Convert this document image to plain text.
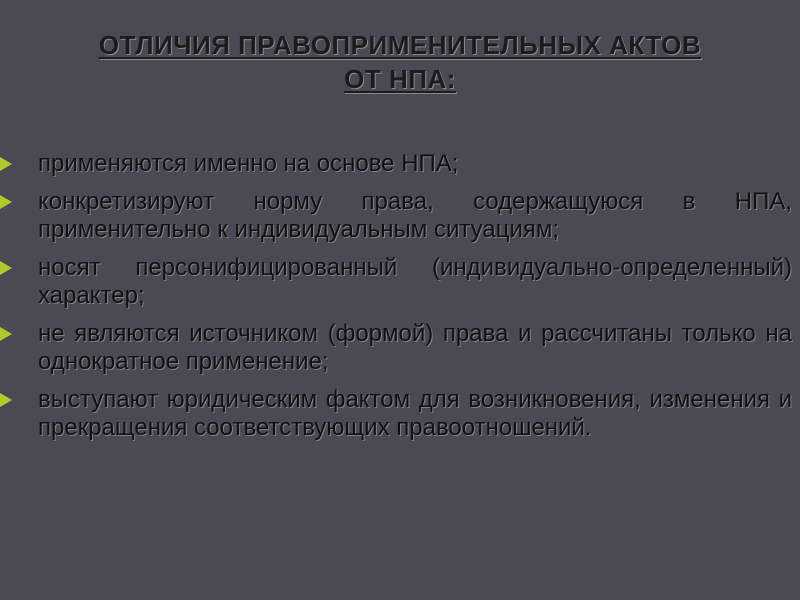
ОТЛИЧИЯ ПРАВОПРИМЕНИТЕЛЬНЫХ АКТОВ
ОТ НПА:
применяются именно на основе НПА;
конкретизируют норму права, содержащуюся в НПА, применительно к индивидуальным ситуациям;
носят персонифицированный (индивидуально-определенный) характер;
не являются источником (формой) права и рассчитаны только на однократное применение;
выступают юридическим фактом для возникновения, изменения и прекращения соответствующих правоотношений.
